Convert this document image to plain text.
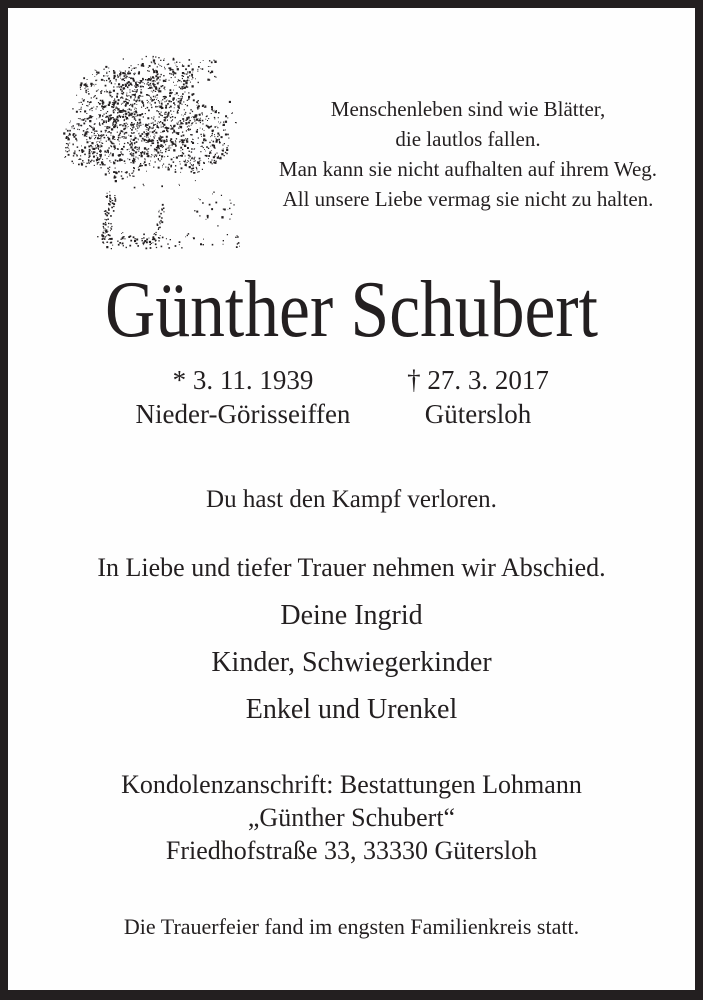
Menschenleben sind wie Blätter,
die lautlos fallen.
Man kann sie nicht aufhalten auf ihrem Weg.
All unsere Liebe vermag sie nicht zu halten.
Günther Schubert
* 3. 11. 1939
Nieder-Görisseiffen
† 27. 3. 2017
Gütersloh
Du hast den Kampf verloren.
In Liebe und tiefer Trauer nehmen wir Abschied.
Deine Ingrid
Kinder, Schwiegerkinder
Enkel und Urenkel
Kondolenzanschrift: Bestattungen Lohmann
„Günther Schubert“
Friedhofstraße 33, 33330 Gütersloh
Die Trauerfeier fand im engsten Familienkreis statt.
